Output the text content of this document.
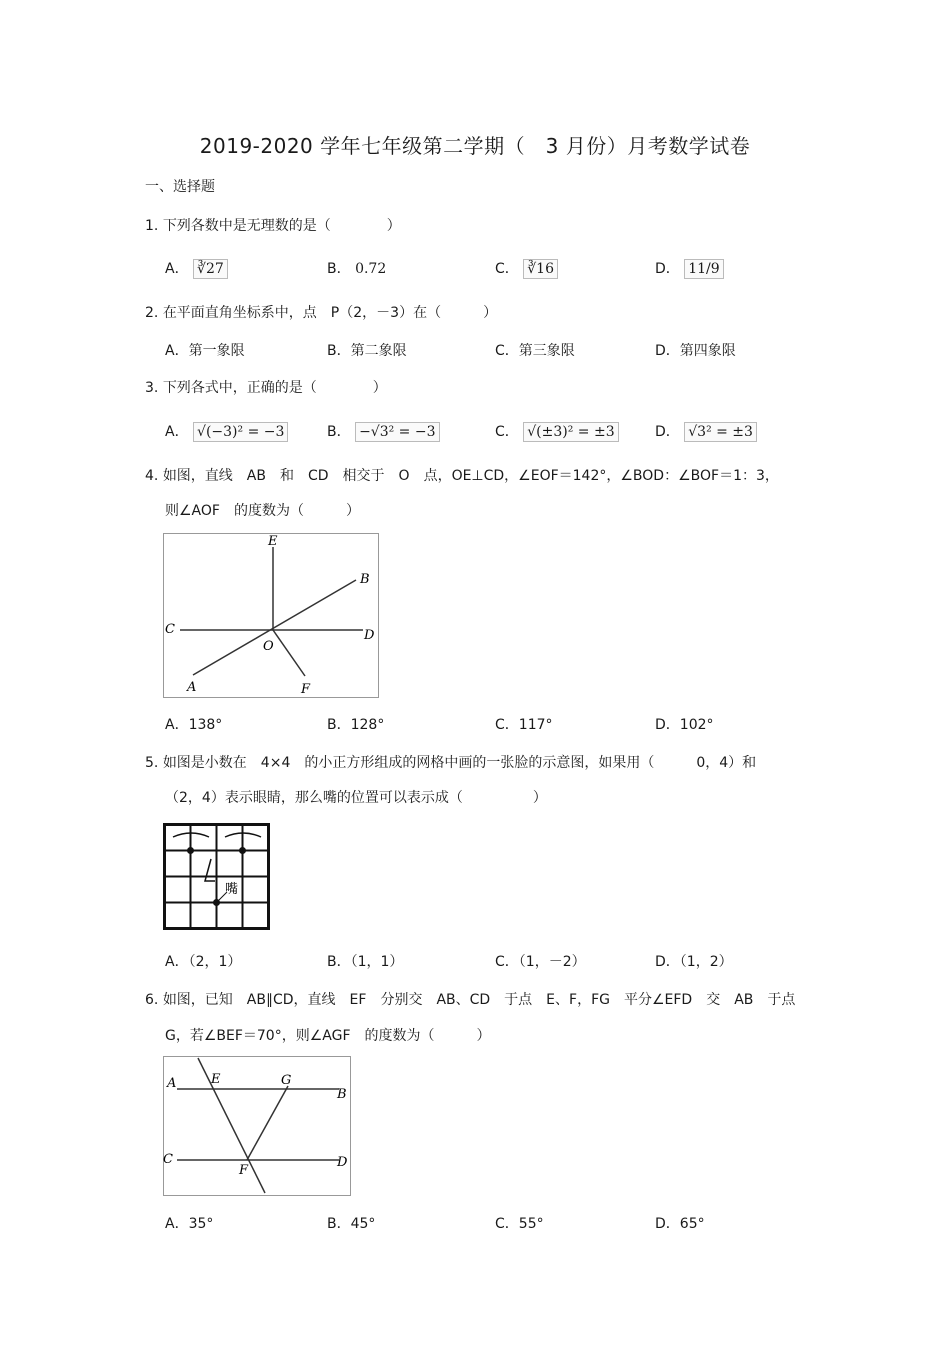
2019-2020 学年七年级第二学期（　3 月份）月考数学试卷
一、选择题
1. 下列各数中是无理数的是（　　　　）
A． ∛27	B． 0.72	C． ∛16	D． 11/9
2. 在平面直角坐标系中，点　P（2，－3）在（　　　）
A．第一象限	B．第二象限	C．第三象限	D．第四象限
3. 下列各式中，正确的是（　　　　）
A． √(−3)² = −3	B． −√3² = −3	C． √(±3)² = ±3	D． √3² = ±3
4. 如图，直线　AB　和　CD　相交于　O　点，OE⊥CD，∠EOF＝142°，∠BOD：∠BOF＝1：3，
则∠AOF　的度数为（　　　）
E
B
C
O
D
A	F
A．138°	B．128°	C．117°	D．102°
5. 如图是小数在　4×4　的小正方形组成的网格中画的一张脸的示意图，如果用（　　　0，4）和
（2，4）表示眼睛，那么嘴的位置可以表示成（　　　　　）
嘴
A．（2，1）	B．（1，1）	C．（1，－2）	D．（1，2）
6. 如图，已知　AB∥CD，直线　EF　分别交　AB、CD　于点　E、F，FG　平分∠EFD　交　AB　于点
G，若∠BEF＝70°，则∠AGF　的度数为（　　　）
A	E	G
B
C
F
D
A．35°	B．45°	C．55°	D．65°
